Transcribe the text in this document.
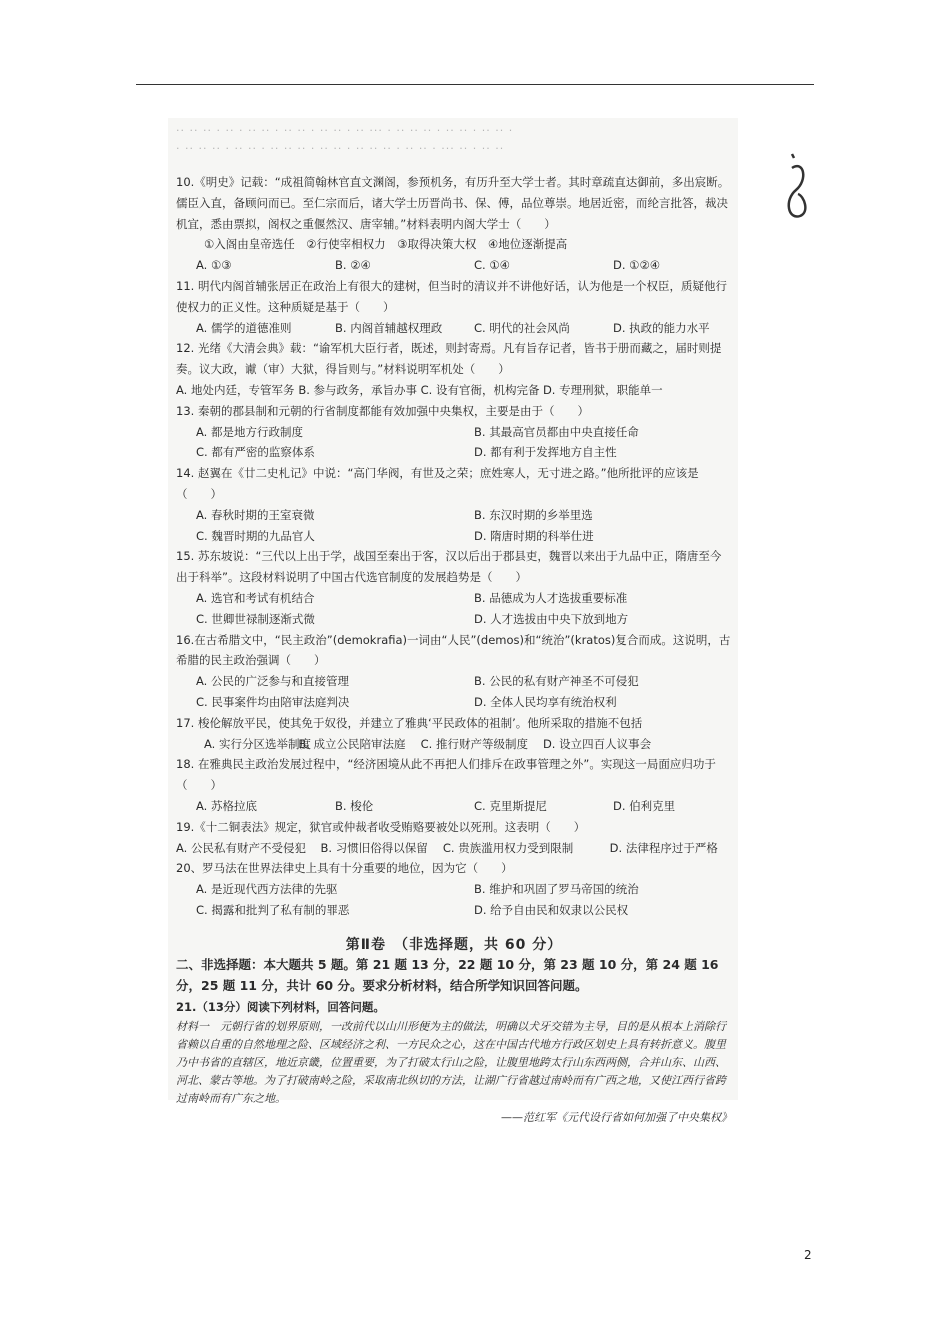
·· ·· ·· · ·· · ·· ·· · ·· ·· · ·· ·· · ·· ··· · ·· ·· ·· · ·· ·· · ·· ·· ·
· ·· ·· ·· · ·· ·· · ·· ·· ·· · ·· ·· · ·· ·· ·· · ·· ·· · ··· ·· · ·· ··

10.《明史》记载：“成祖简翰林官直文渊阁，参预机务，有历升至大学士者。其时章疏直达御前，多出宸断。儒臣入直，备顾问而已。至仁宗而后，诸大学士历晋尚书、保、傅，品位尊崇。地居近密，而纶言批答，裁决机宜，悉由票拟，阁权之重偃然汉、唐宰辅。”材料表明内阁大学士（　　）

①入阁由皇帝选任　②行使宰相权力　③取得决策大权　④地位逐渐提高

A. ①③	B. ②④	C. ①④	D. ①②④

11. 明代内阁首辅张居正在政治上有很大的建树，但当时的清议并不讲他好话，认为他是一个权臣，质疑他行使权力的正义性。这种质疑是基于（　　）

A. 儒学的道德准则	B. 内阁首辅越权理政	C. 明代的社会风尚	D. 执政的能力水平

12. 光绪《大清会典》载：“谕军机大臣行者，既述，则封寄焉。凡有旨存记者，皆书于册而藏之，届时则提奏。议大政，谳（审）大狱，得旨则与。”材料说明军机处（　　）

A. 地处内廷，专管军务 B. 参与政务，承旨办事 C. 设有官衙，机构完备 D. 专理刑狱，职能单一

13. 秦朝的郡县制和元朝的行省制度都能有效加强中央集权，主要是由于（　　）

A. 都是地方行政制度	B. 其最高官员都由中央直接任命
C. 都有严密的监察体系	D. 都有利于发挥地方自主性

14. 赵翼在《廿二史札记》中说：“高门华阀，有世及之荣；庶姓寒人，无寸进之路。”他所批评的应该是（　　）

A. 春秋时期的王室衰微	B. 东汉时期的乡举里选
C. 魏晋时期的九品官人	D. 隋唐时期的科举仕进

15. 苏东坡说：“三代以上出于学，战国至秦出于客，汉以后出于郡县吏，魏晋以来出于九品中正，隋唐至今出于科举”。这段材料说明了中国古代选官制度的发展趋势是（　　）

A. 选官和考试有机结合	B. 品德成为人才选拔重要标准
C. 世卿世禄制逐渐式微	D. 人才选拔由中央下放到地方

16.在古希腊文中，“民主政治”(demokrafia)一词由“人民”(demos)和“统治”(kratos)复合而成。这说明，古希腊的民主政治强调（　　）

A. 公民的广泛参与和直接管理	B. 公民的私有财产神圣不可侵犯
C. 民事案件均由陪审法庭判决	D. 全体人民均享有统治权利

17. 梭伦解放平民，使其免于奴役，并建立了雅典‘平民政体的祖制’。他所采取的措施不包括

A. 实行分区选举制度
B. 成立公民陪审法庭	C. 推行财产等级制度	D. 设立四百人议事会

18. 在雅典民主政治发展过程中，“经济困境从此不再把人们排斥在政事管理之外”。实现这一局面应归功于（　　）

A. 苏格拉底	B. 梭伦	C. 克里斯提尼	D. 伯利克里

19.《十二铜表法》规定，狱官或仲裁者收受贿赂要被处以死刑。这表明（　　）

A. 公民私有财产不受侵犯	B. 习惯旧俗得以保留	C. 贵族滥用权力受到限制	D. 法律程序过于严格

20、罗马法在世界法律史上具有十分重要的地位，因为它（　　）

A. 是近现代西方法律的先驱	B. 维护和巩固了罗马帝国的统治
C. 揭露和批判了私有制的罪恶	D. 给予自由民和奴隶以公民权

第Ⅱ卷　（非选择题，共 60 分）

二、非选择题：本大题共 5 题。第 21 题 13 分，22 题 10 分，第 23 题 10 分，第 24 题 16 分，25 题 11 分，共计 60 分。要求分析材料，结合所学知识回答问题。

21.（13分）阅读下列材料，回答问题。

材料一　元朝行省的划界原则，一改前代以山川形便为主的做法，明确以犬牙交错为主导，目的是从根本上消除行省赖以自重的自然地理之险、区域经济之利、一方民众之心，这在中国古代地方行政区划史上具有转折意义。腹里乃中书省的直辖区，地近京畿，位置重要，为了打破太行山之险，让腹里地跨太行山东西两侧，合并山东、山西、河北、蒙古等地。为了打破南岭之险，采取南北纵切的方法，让湖广行省越过南岭而有广西之地，又使江西行省跨过南岭而有广东之地。

——范红军《元代设行省如何加强了中央集权》

2
